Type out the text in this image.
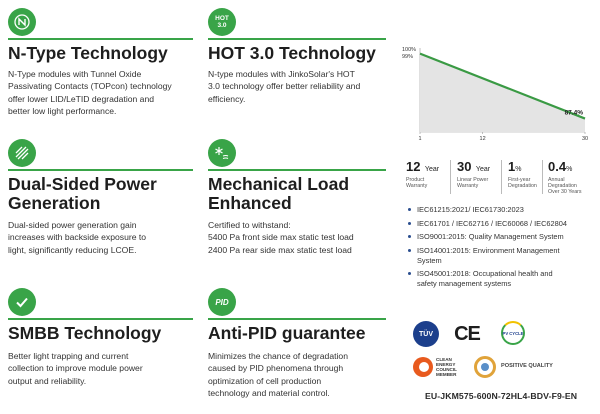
N-Type Technology
N-Type modules with Tunnel Oxide
Passivating Contacts (TOPcon) technology
offer lower LID/LeTID degradation and
better low light performance.
HOT
3.0
HOT 3.0 Technology
N-type modules with JinkoSolar's HOT
3.0 technology offer better reliability and
efficiency.
Dual-Sided Power
Generation
Dual-sided power generation gain
increases with backside exposure to
light, significantly reducing LCOE.
Mechanical Load
Enhanced
Certified to withstand:
5400 Pa front side max static test load
2400 Pa rear side max static test load
SMBB Technology
Better light trapping and current
collection to improve module power
output and reliability.
PID
Anti-PID guarantee
Minimizes the chance of degradation
caused by PID phenomena through
optimization of cell production
technology and material control.
1	12	30
100%
99%
87.4%
12 Year
Product
Warranty
30 Year
Linear Power
Warranty
1%
First-year
Degradation
0.4%
Annual
Degradation
Over 30 Years
IEC61215:2021/ IEC61730:2023
IEC61701 / IEC62716 / IEC60068 / IEC62804
ISO9001:2015: Quality Management System
ISO14001:2015: Environment Management
System
ISO45001:2018: Occupational health and
safety management systems
TÜV CE	PV CYCLE
CLEAN
ENERGY
COUNCIL
MEMBER
POSITIVE QUALITY
EU-JKM575-600N-72HL4-BDV-F9-EN
